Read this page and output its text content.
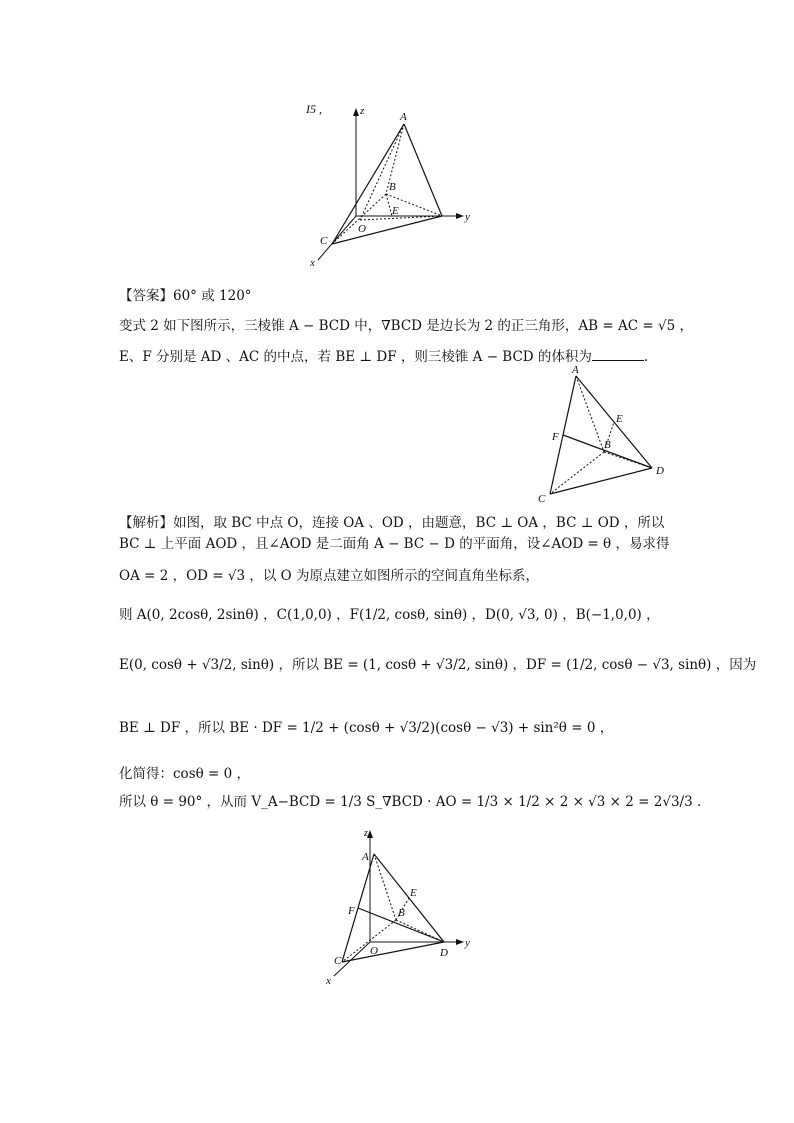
I5 ,	z
y
x
A
B
E
O
C
【答案】60° 或 120°
变式 2 如下图所示，三棱锥 A − BCD 中，∇BCD 是边长为 2 的正三角形，AB = AC = √5 ，
E、F 分别是 AD 、AC 的中点，若 BE ⊥ DF ，则三棱锥 A − BCD 的体积为	.
A
E
F
B
D
C
【解析】如图，取 BC 中点 O，连接 OA 、OD ，由题意，BC ⊥ OA ，BC ⊥ OD ，所以
BC ⊥ 上平面 AOD ，且∠AOD 是二面角 A − BC − D 的平面角，设∠AOD = θ ，易求得
OA = 2 ，OD = √3 ，以 O 为原点建立如图所示的空间直角坐标系，
则 A(0, 2cosθ, 2sinθ) ，C(1,0,0) ，F(1/2, cosθ, sinθ) ，D(0, √3, 0) ，B(−1,0,0) ，
E(0, cosθ + √3/2, sinθ) ，所以 BE = (1, cosθ + √3/2, sinθ) ，DF = (1/2, cosθ − √3, sinθ) ，因为
BE ⊥ DF ，所以 BE · DF = 1/2 + (cosθ + √3/2)(cosθ − √3) + sin²θ = 0 ，
化简得：cosθ = 0 ，
所以 θ = 90° ，从而 V_A−BCD = 1/3 S_∇BCD · AO = 1/3 × 1/2 × 2 × √3 × 2 = 2√3/3 .
z
y
x
A
E
F	B
O
C
D
